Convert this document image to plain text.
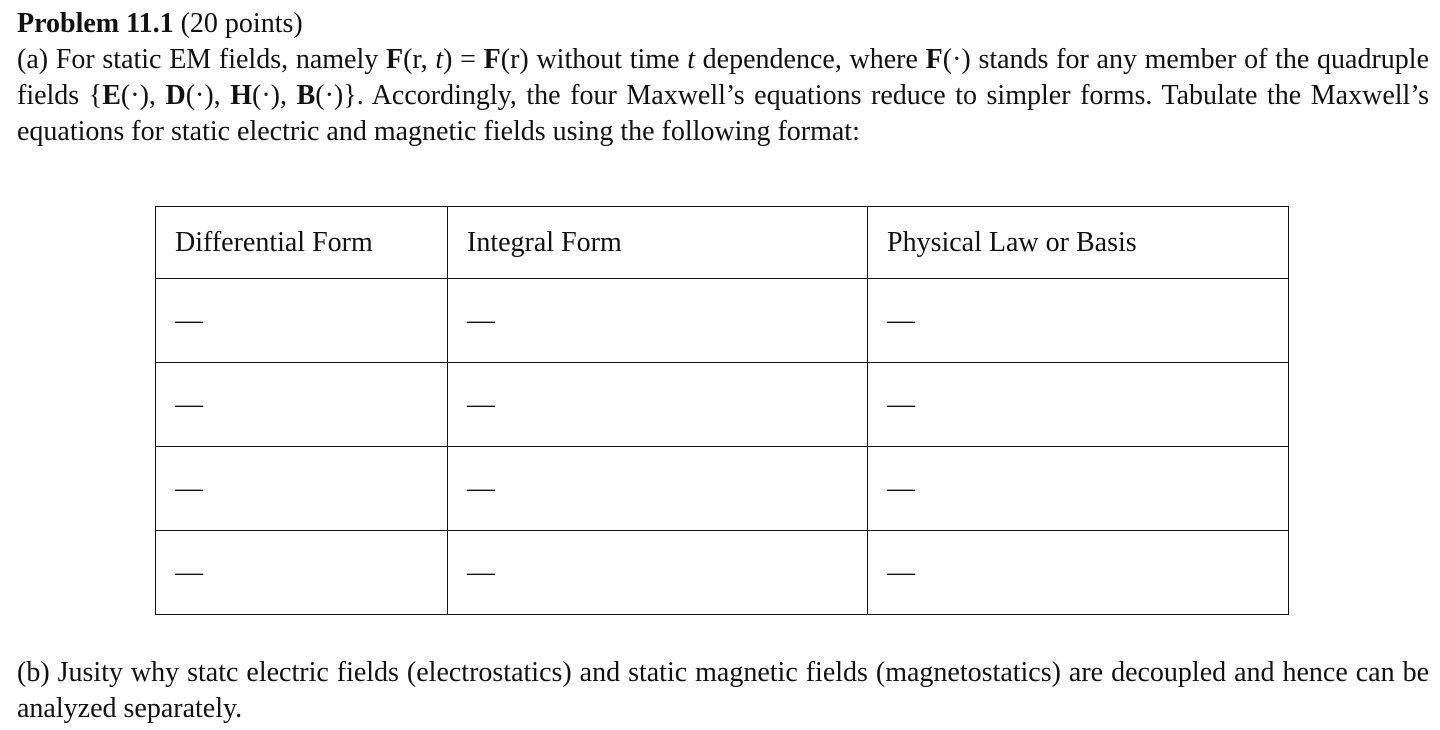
Problem 11.1 (20 points)
(a) For static EM fields, namely F(r, t) = F(r) without time t dependence, where F(·) stands for any member of the quadruple fields {E(·), D(·), H(·), B(·)}. Accordingly, the four Maxwell’s equations reduce to simpler forms. Tabulate the Maxwell’s equations for static electric and magnetic fields using the following format:
Differential Form	Integral Form	Physical Law or Basis
—	—	—
—	—	—
—	—	—
—	—	—
(b) Jusity why statc electric fields (electrostatics) and static magnetic fields (magnetostatics) are decoupled and hence can be analyzed separately.
